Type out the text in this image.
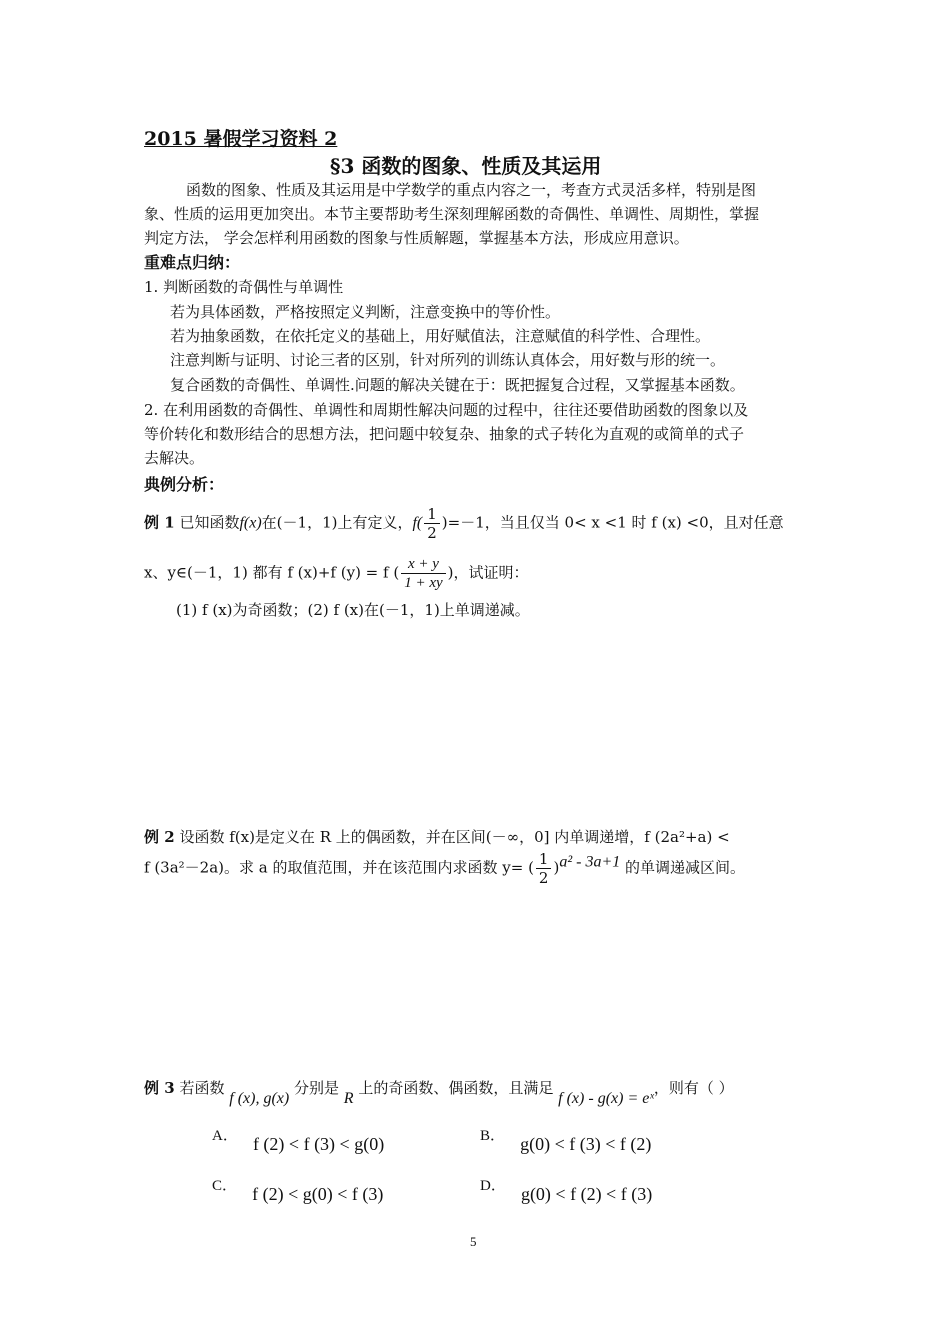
2015 暑假学习资料 2
§3 函数的图象、性质及其运用
函数的图象、性质及其运用是中学数学的重点内容之一，考查方式灵活多样，特别是图
象、性质的运用更加突出。本节主要帮助考生深刻理解函数的奇偶性、单调性、周期性，掌握
判定方法， 学会怎样利用函数的图象与性质解题，掌握基本方法，形成应用意识。
重难点归纳：
1. 判断函数的奇偶性与单调性
若为具体函数，严格按照定义判断，注意变换中的等价性。
若为抽象函数，在依托定义的基础上，用好赋值法，注意赋值的科学性、合理性。
注意判断与证明、讨论三者的区别，针对所列的训练认真体会，用好数与形的统一。
复合函数的奇偶性、单调性.问题的解决关键在于：既把握复合过程，又掌握基本函数。
2. 在利用函数的奇偶性、单调性和周期性解决问题的过程中，往往还要借助函数的图象以及
等价转化和数形结合的思想方法，把问题中较复杂、抽象的式子转化为直观的或简单的式子
去解决。
典例分析：
例 1 已知函数f(x)在(－1，1)上有定义，$f( \frac{1}{2} )=-1$，当且仅当 0< x <1 时 f (x) <0，且对任意
x、y∈(－1，1) 都有 f (x)+f (y) = f ( $\frac{x + y}{1 + xy}$ )，试证明：
(1) f (x)为奇函数；(2) f (x)在(－1，1)上单调递减。
例 2 设函数 f(x)是定义在 R 上的偶函数，并在区间(－∞，0] 内单调递增，f (2a²+a) <
f (3a²－2a)。求 a 的取值范围，并在该范围内求函数 y= ( $\frac{1}{2} )^{a^2 - 3a+1}$ 的单调递减区间。
例 3 若函数 f (x), g(x) 分别是 R 上的奇函数、偶函数，且满足 f (x) - g(x) = eˣ，则有（ ）
A． f (2) < f (3) < g(0)	B． g(0) < f (3) < f (2)
C． f (2) < g(0) < f (3)	D． g(0) < f (2) < f (3)
5
